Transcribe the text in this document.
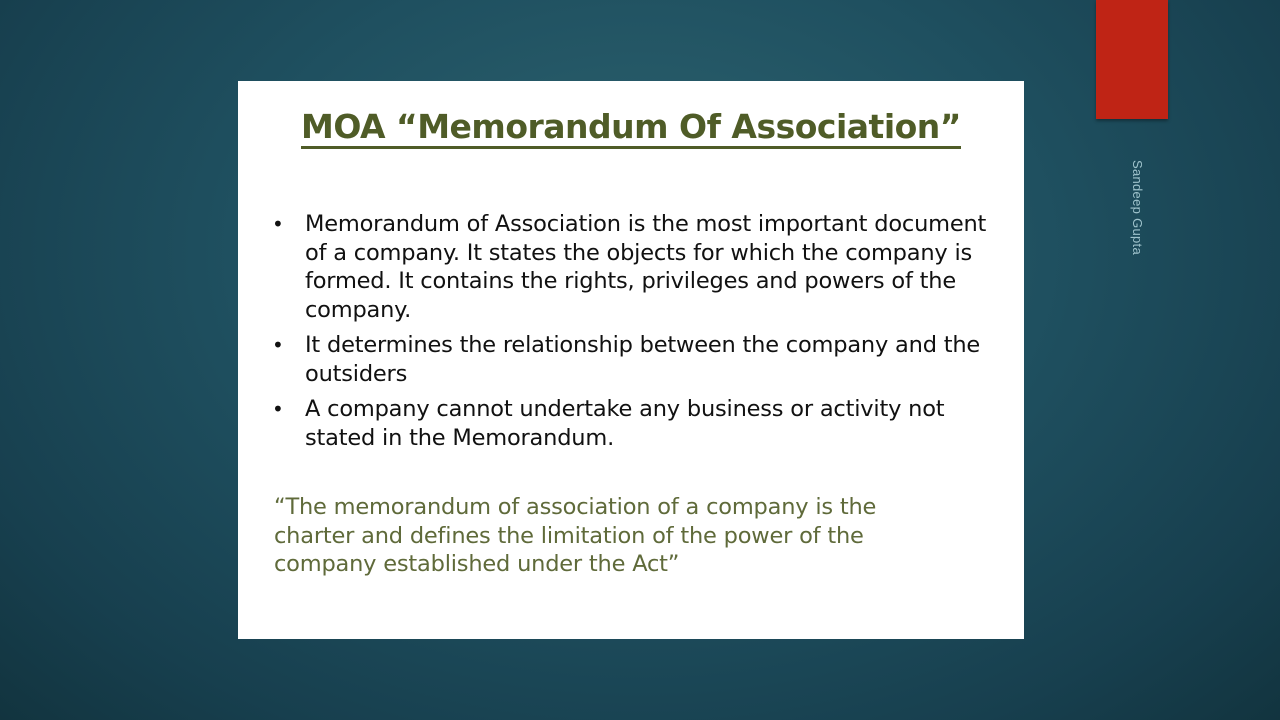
Sandeep Gupta
MOA “Memorandum Of Association”
• Memorandum of Association is the most important document of a company. It states the objects for which the company is formed. It contains the rights, privileges and powers of the company.
• It determines the relationship between the company and the outsiders
• A company cannot undertake any business or activity not stated in the Memorandum.
“The memorandum of association of a company is the charter and defines the limitation of the power of the company established under the Act”
